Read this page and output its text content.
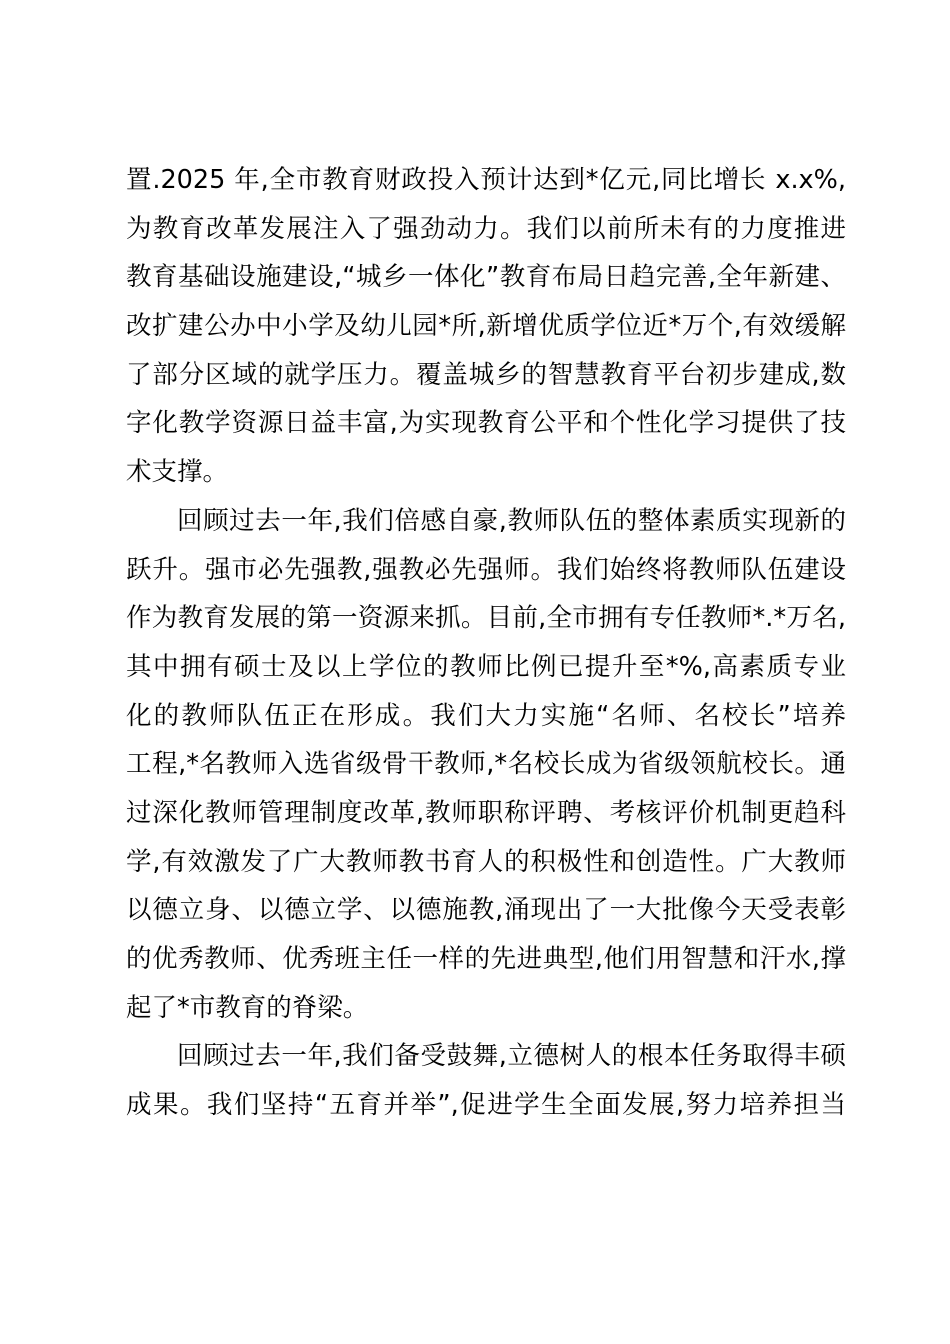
置.2025 年,全市教育财政投入预计达到*亿元,同比增长 x.x%,
为教育改革发展注入了强劲动力。我们以前所未有的力度推进
教育基础设施建设,“城乡一体化”教育布局日趋完善,全年新建、
改扩建公办中小学及幼儿园*所,新增优质学位近*万个,有效缓解
了部分区域的就学压力。覆盖城乡的智慧教育平台初步建成,数
字化教学资源日益丰富,为实现教育公平和个性化学习提供了技
术支撑。
回顾过去一年,我们倍感自豪,教师队伍的整体素质实现新的
跃升。强市必先强教,强教必先强师。我们始终将教师队伍建设
作为教育发展的第一资源来抓。目前,全市拥有专任教师*.*万名,
其中拥有硕士及以上学位的教师比例已提升至*%,高素质专业
化的教师队伍正在形成。我们大力实施“名师、名校长”培养
工程,*名教师入选省级骨干教师,*名校长成为省级领航校长。通
过深化教师管理制度改革,教师职称评聘、考核评价机制更趋科
学,有效激发了广大教师教书育人的积极性和创造性。广大教师
以德立身、以德立学、以德施教,涌现出了一大批像今天受表彰
的优秀教师、优秀班主任一样的先进典型,他们用智慧和汗水,撑
起了*市教育的脊梁。
回顾过去一年,我们备受鼓舞,立德树人的根本任务取得丰硕
成果。我们坚持“五育并举”,促进学生全面发展,努力培养担当
